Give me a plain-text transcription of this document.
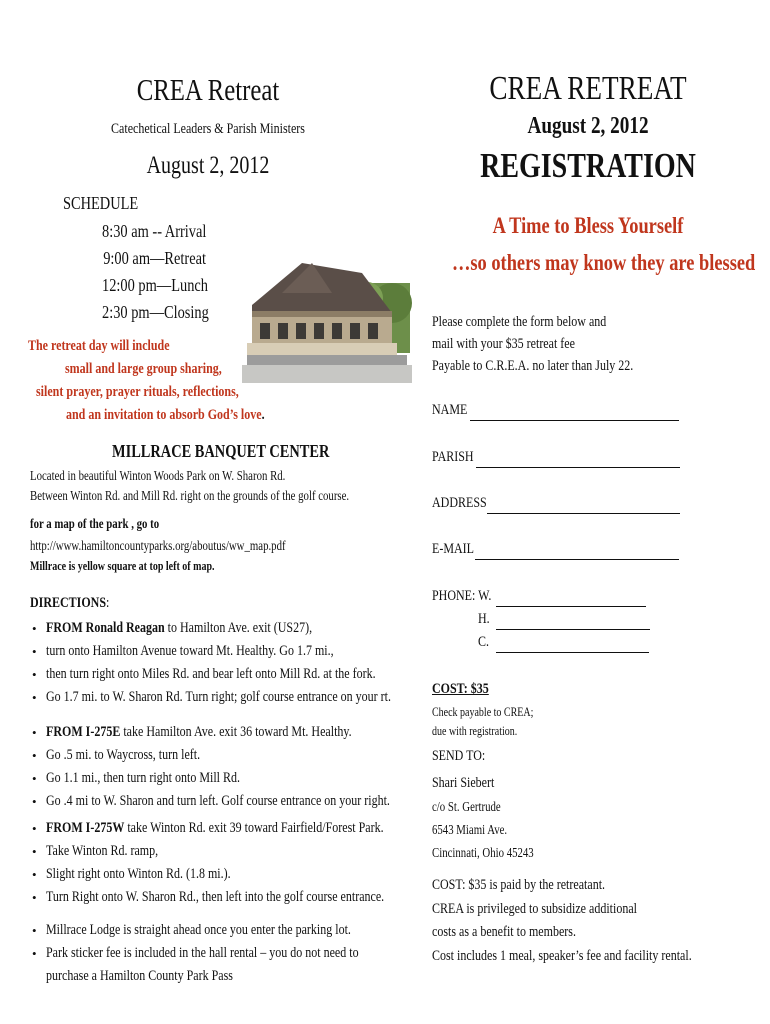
CREA Retreat
Catechetical Leaders & Parish Ministers
August 2, 2012
SCHEDULE
8:30 am -- Arrival
9:00 am—Retreat
12:00 pm—Lunch
2:30 pm—Closing
The retreat day will include
small and large group sharing,
silent prayer, prayer rituals, reflections,
and an invitation to absorb God’s love.
MILLRACE BANQUET CENTER
Located in beautiful Winton Woods Park on W. Sharon Rd.
Between Winton Rd. and Mill Rd. right on the grounds of the golf course.
for a map of the park , go to
http://www.hamiltoncountyparks.org/aboutus/ww_map.pdf
Millrace is yellow square at top left of map.
DIRECTIONS:
• FROM Ronald Reagan to Hamilton Ave. exit (US27),
• turn onto Hamilton Avenue toward Mt. Healthy. Go 1.7 mi.,
• then turn right onto Miles Rd. and bear left onto Mill Rd. at the fork.
• Go 1.7 mi. to W. Sharon Rd. Turn right; golf course entrance on your rt.
• FROM I-275E take Hamilton Ave. exit 36 toward Mt. Healthy.
• Go .5 mi. to Waycross, turn left.
• Go 1.1 mi., then turn right onto Mill Rd.
• Go .4 mi to W. Sharon and turn left. Golf course entrance on your right.
• FROM I-275W take Winton Rd. exit 39 toward Fairfield/Forest Park.
• Take Winton Rd. ramp,
• Slight right onto Winton Rd. (1.8 mi.).
• Turn Right onto W. Sharon Rd., then left into the golf course entrance.
• Millrace Lodge is straight ahead once you enter the parking lot.
• Park sticker fee is included in the hall rental – you do not need to
purchase a Hamilton County Park Pass
CREA RETREAT
August 2, 2012
REGISTRATION
A Time to Bless Yourself
…so others may know they are blessed
Please complete the form below and
mail with your $35 retreat fee
Payable to C.R.E.A. no later than July 22.
NAME
PARISH
ADDRESS
E-MAIL
PHONE: W.
H.
C.
COST: $35
Check payable to CREA;
due with registration.
SEND TO:
Shari Siebert
c/o St. Gertrude
6543 Miami Ave.
Cincinnati, Ohio 45243
COST: $35 is paid by the retreatant.
CREA is privileged to subsidize additional
costs as a benefit to members.
Cost includes 1 meal, speaker’s fee and facility rental.
